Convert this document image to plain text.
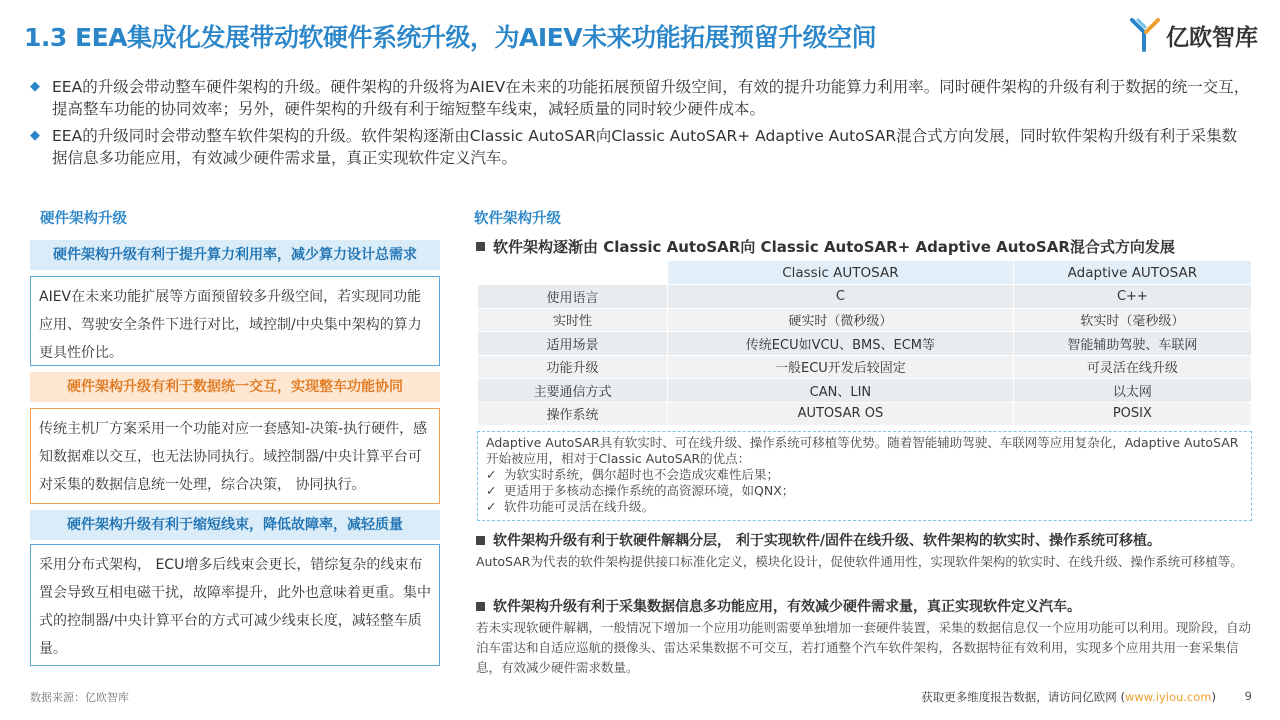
1.3 EEA集成化发展带动软硬件系统升级，为AIEV未来功能拓展预留升级空间	亿欧智库
◆ EEA的升级会带动整车硬件架构的升级。硬件架构的升级将为AIEV在未来的功能拓展预留升级空间，有效的提升功能算力利用率。同时硬件架构的升级有利于数据的统一交互，提高整车功能的协同效率；另外，硬件架构的升级有利于缩短整车线束，减轻质量的同时较少硬件成本。
◆ EEA的升级同时会带动整车软件架构的升级。软件架构逐渐由Classic AutoSAR向Classic AutoSAR+ Adaptive AutoSAR混合式方向发展，同时软件架构升级有利于采集数据信息多功能应用，有效减少硬件需求量，真正实现软件定义汽车。
硬件架构升级
硬件架构升级有利于提升算力利用率，减少算力设计总需求
AIEV在未来功能扩展等方面预留较多升级空间，若实现同功能应用、驾驶安全条件下进行对比，域控制/中央集中架构的算力更具性价比。
硬件架构升级有利于数据统一交互，实现整车功能协同
传统主机厂方案采用一个功能对应一套感知-决策-执行硬件，感知数据难以交互，也无法协同执行。域控制器/中央计算平台可对采集的数据信息统一处理，综合决策， 协同执行。
硬件架构升级有利于缩短线束，降低故障率，减轻质量
采用分布式架构， ECU增多后线束会更长，错综复杂的线束布置会导致互相电磁干扰，故障率提升，此外也意味着更重。集中式的控制器/中央计算平台的方式可减少线束长度，减轻整车质量。
软件架构升级
软件架构逐渐由 Classic AutoSAR向 Classic AutoSAR+ Adaptive AutoSAR混合式方向发展
	Classic AUTOSAR	Adaptive AUTOSAR
使用语言	C	C++
实时性	硬实时（微秒级）	软实时（毫秒级）
适用场景	传统ECU如VCU、BMS、ECM等	智能辅助驾驶、车联网
功能升级	一般ECU开发后较固定	可灵活在线升级
主要通信方式	CAN、LIN	以太网
操作系统	AUTOSAR OS	POSIX
Adaptive AutoSAR具有软实时、可在线升级、操作系统可移植等优势。随着智能辅助驾驶、车联网等应用复杂化，Adaptive AutoSAR开始被应用，相对于Classic AutoSAR的优点：
✓ 为软实时系统，偶尔超时也不会造成灾难性后果；
✓ 更适用于多核动态操作系统的高资源环境，如QNX；
✓ 软件功能可灵活在线升级。
软件架构升级有利于软硬件解耦分层， 利于实现软件/固件在线升级、软件架构的软实时、操作系统可移植。
AutoSAR为代表的软件架构提供接口标准化定义，模块化设计，促使软件通用性，实现软件架构的软实时、在线升级、操作系统可移植等。
软件架构升级有利于采集数据信息多功能应用，有效减少硬件需求量，真正实现软件定义汽车。
若未实现软硬件解耦，一般情况下增加一个应用功能则需要单独增加一套硬件装置，采集的数据信息仅一个应用功能可以利用。现阶段，自动泊车雷达和自适应巡航的摄像头、雷达采集数据不可交互，若打通整个汽车软件架构，各数据特征有效利用，实现多个应用共用一套采集信息，有效减少硬件需求数量。
数据来源：亿欧智库	获取更多维度报告数据，请访问亿欧网 (www.iyiou.com) 9
